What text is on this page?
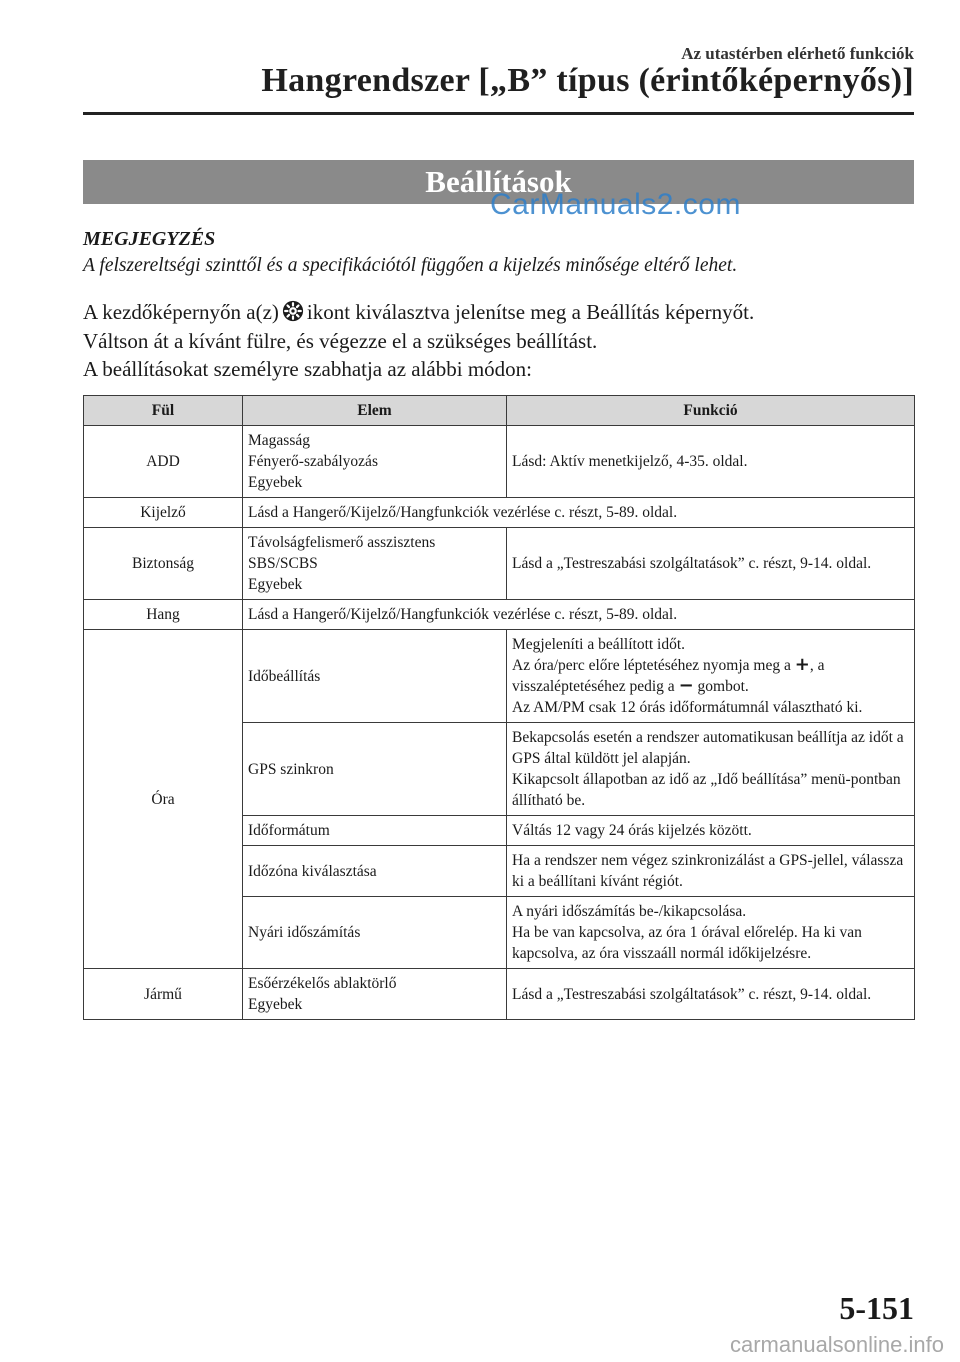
Az utastérben elérhető funkciók
Hangrendszer [„B” típus (érintőképernyős)]
Beállítások
CarManuals2.com
MEGJEGYZÉS
A felszereltségi szinttől és a specifikációtól függően a kijelzés minősége eltérő lehet.
A kezdőképernyőn a(z) ikont kiválasztva jelenítse meg a Beállítás képernyőt.
Váltson át a kívánt fülre, és végezze el a szükséges beállítást.
A beállításokat személyre szabhatja az alábbi módon:
Fül	Elem	Funkció
ADD	Magasság
Fényerő-szabályozás
Egyebek	Lásd: Aktív menetkijelző, 4-35. oldal.
Kijelző	Lásd a Hangerő/Kijelző/Hangfunkciók vezérlése c. részt, 5-89. oldal.	
Biztonság	Távolságfelismerő asszisztens
SBS/SCBS
Egyebek	Lásd a „Testreszabási szolgáltatások” c. részt, 9-14. oldal.
Hang	Lásd a Hangerő/Kijelző/Hangfunkciók vezérlése c. részt, 5-89. oldal.	
Óra	Időbeállítás	Megjeleníti a beállított időt.
Az óra/perc előre léptetéséhez nyomja meg a +, a
visszaléptetéséhez pedig a − gombot.
Az AM/PM csak 12 órás időformátumnál választható ki.

	GPS szinkron	Bekapcsolás esetén a rendszer automatikusan beállítja az időt a GPS által küldött jel alapján.
Kikapcsolt állapotban az idő az „Idő beállítása” menü-pontban állítható be.

	Időformátum	Váltás 12 vagy 24 órás kijelzés között.
	Időzóna kiválasztása	Ha a rendszer nem végez szinkronizálást a GPS-jellel, válassza ki a beállítani kívánt régiót.
	Nyári időszámítás	A nyári időszámítás be-/kikapcsolása.
Ha be van kapcsolva, az óra 1 órával előrelép. Ha ki van kapcsolva, az óra visszaáll normál időkijelzésre.

Jármű	Esőérzékelős ablaktörlő
Egyebek	Lásd a „Testreszabási szolgáltatások” c. részt, 9-14. oldal.
5-151
carmanualsonline.info
